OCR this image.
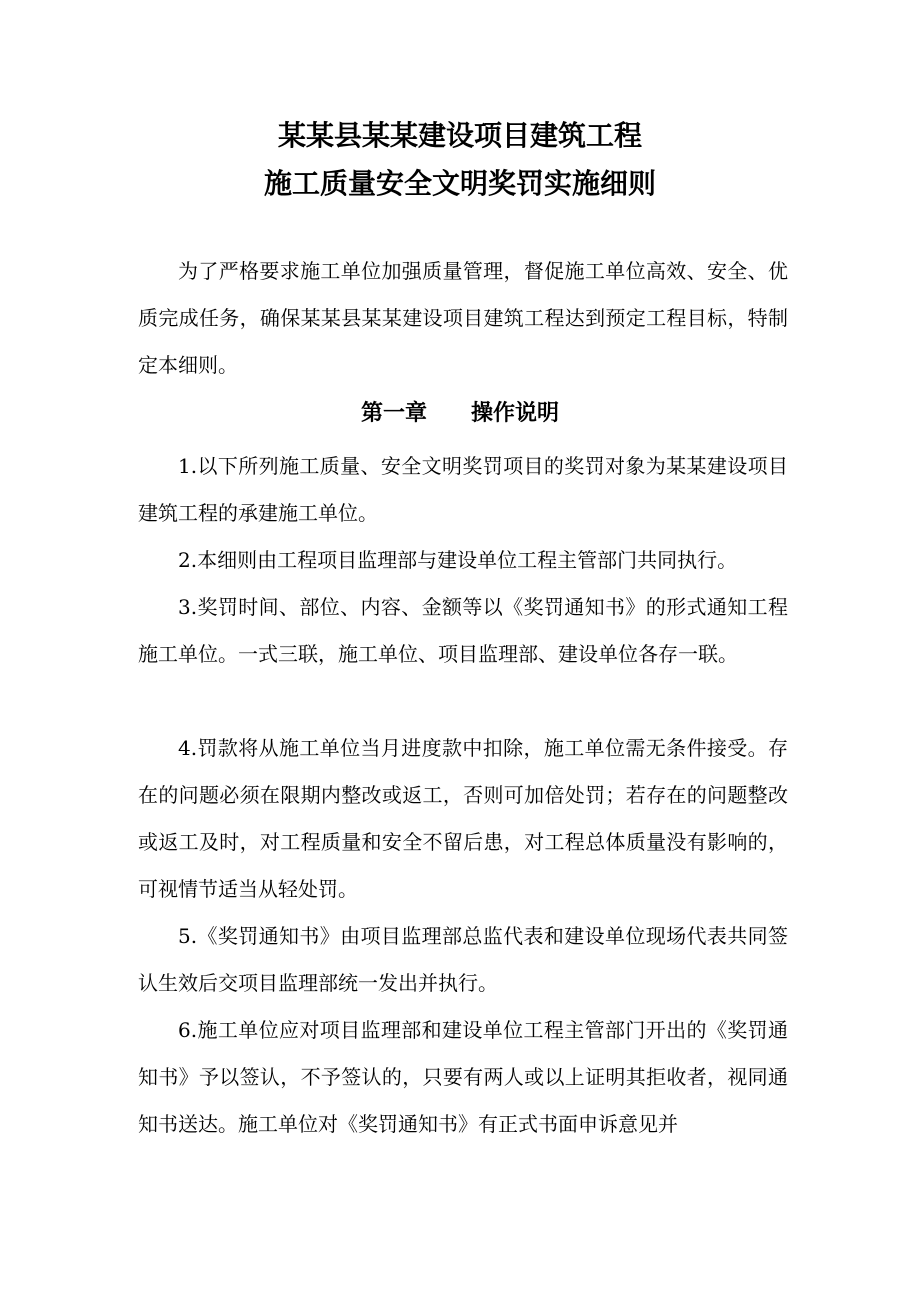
某某县某某建设项目建筑工程
施工质量安全文明奖罚实施细则

为了严格要求施工单位加强质量管理，督促施工单位高效、安全、优质完成任务，确保某某县某某建设项目建筑工程达到预定工程目标，特制定本细则。

第一章 操作说明

1.以下所列施工质量、安全文明奖罚项目的奖罚对象为某某建设项目建筑工程的承建施工单位。

2.本细则由工程项目监理部与建设单位工程主管部门共同执行。

3.奖罚时间、部位、内容、金额等以《奖罚通知书》的形式通知工程施工单位。一式三联，施工单位、项目监理部、建设单位各存一联。

4.罚款将从施工单位当月进度款中扣除，施工单位需无条件接受。存在的问题必须在限期内整改或返工，否则可加倍处罚；若存在的问题整改或返工及时，对工程质量和安全不留后患，对工程总体质量没有影响的，可视情节适当从轻处罚。

5.《奖罚通知书》由项目监理部总监代表和建设单位现场代表共同签认生效后交项目监理部统一发出并执行。

6.施工单位应对项目监理部和建设单位工程主管部门开出的《奖罚通知书》予以签认，不予签认的，只要有两人或以上证明其拒收者，视同通知书送达。施工单位对《奖罚通知书》有正式书面申诉意见并
